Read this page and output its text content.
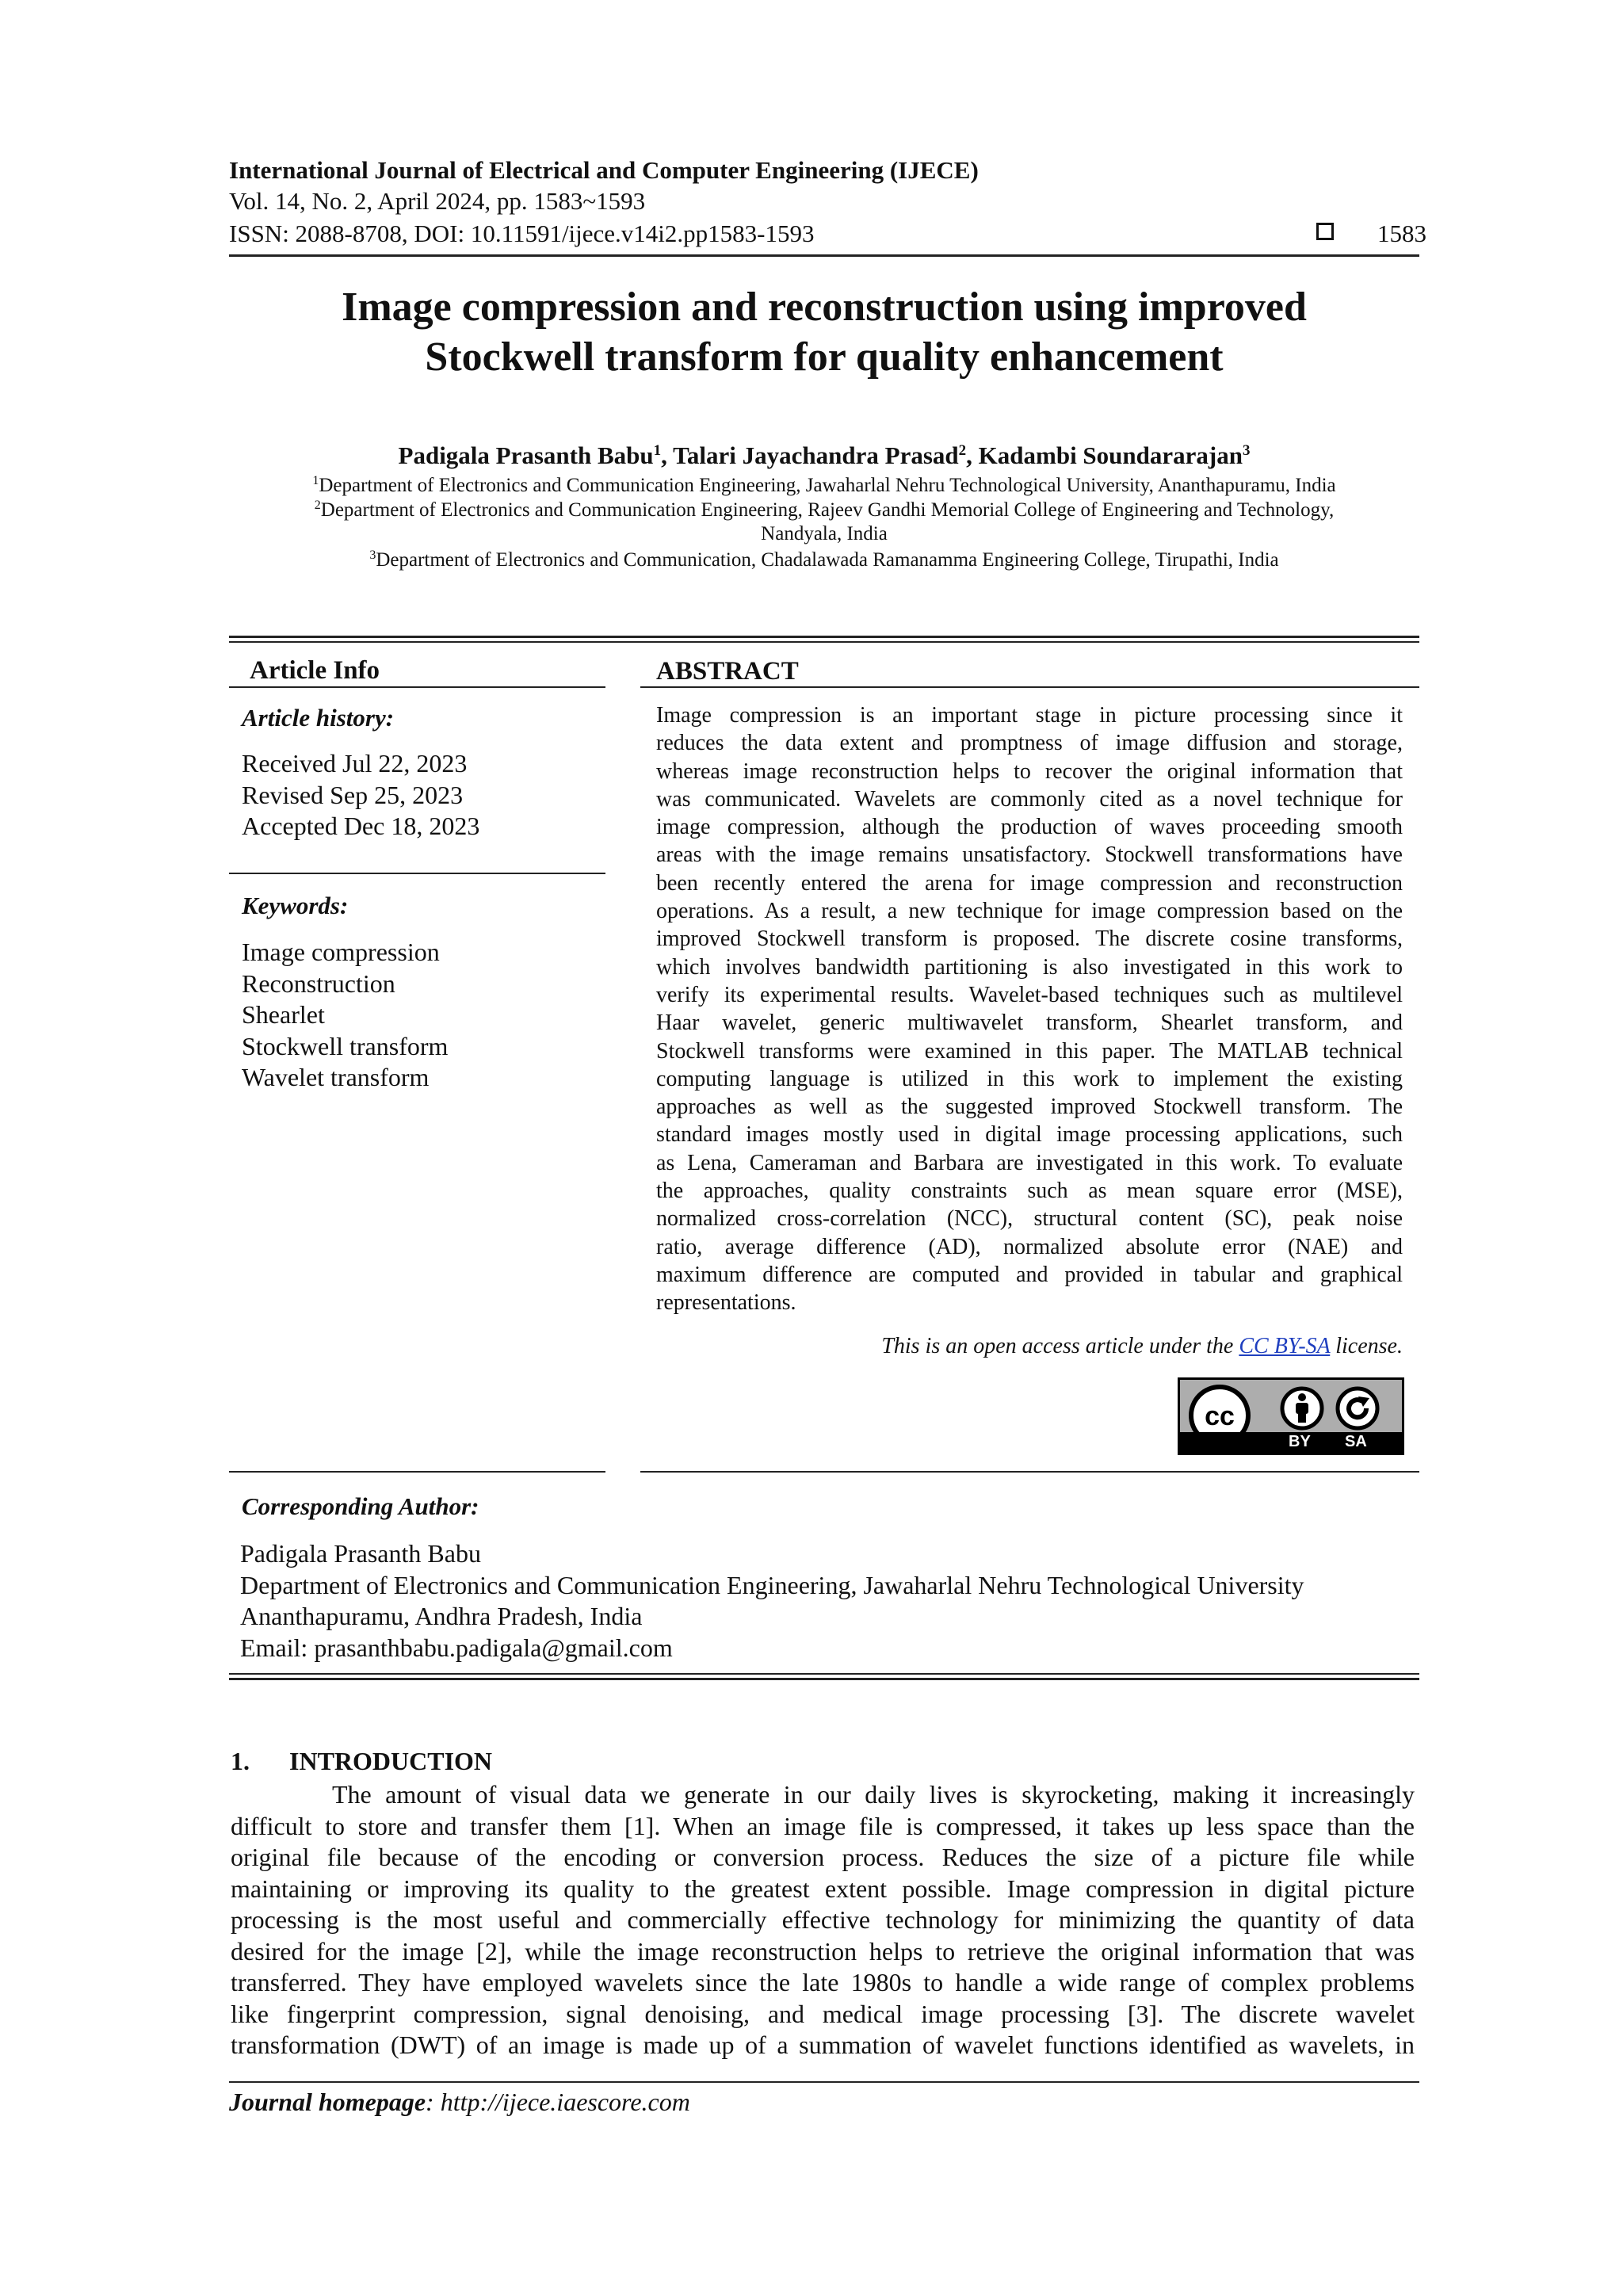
International Journal of Electrical and Computer Engineering (IJECE)
Vol. 14, No. 2, April 2024, pp. 1583~1593
ISSN: 2088-8708, DOI: 10.11591/ijece.v14i2.pp1583-1593	1583
Image compression and reconstruction using improved
Stockwell transform for quality enhancement
Padigala Prasanth Babu$^1$, Talari Jayachandra Prasad$^2$, Kadambi Soundararajan$^3$
$^1$Department of Electronics and Communication Engineering, Jawaharlal Nehru Technological University, Ananthapuramu, India
$^2$Department of Electronics and Communication Engineering, Rajeev Gandhi Memorial College of Engineering and Technology,
Nandyala, India
$^3$Department of Electronics and Communication, Chadalawada Ramanamma Engineering College, Tirupathi, India
Article Info
Article history:
Received Jul 22, 2023
Revised Sep 25, 2023
Accepted Dec 18, 2023
Keywords:
Image compression
Reconstruction
Shearlet
Stockwell transform
Wavelet transform
ABSTRACT
Image compression is an important stage in picture processing since it
reduces the data extent and promptness of image diffusion and storage,
whereas image reconstruction helps to recover the original information that
was communicated. Wavelets are commonly cited as a novel technique for
image compression, although the production of waves proceeding smooth
areas with the image remains unsatisfactory. Stockwell transformations have
been recently entered the arena for image compression and reconstruction
operations. As a result, a new technique for image compression based on the
improved Stockwell transform is proposed. The discrete cosine transforms,
which involves bandwidth partitioning is also investigated in this work to
verify its experimental results. Wavelet-based techniques such as multilevel
Haar wavelet, generic multiwavelet transform, Shearlet transform, and
Stockwell transforms were examined in this paper. The MATLAB technical
computing language is utilized in this work to implement the existing
approaches as well as the suggested improved Stockwell transform. The
standard images mostly used in digital image processing applications, such
as Lena, Cameraman and Barbara are investigated in this work. To evaluate
the approaches, quality constraints such as mean square error (MSE),
normalized cross-correlation (NCC), structural content (SC), peak noise
ratio, average difference (AD), normalized absolute error (NAE) and
maximum difference are computed and provided in tabular and graphical
representations.
This is an open access article under the CC BY-SA license.
cc
BY SA
Corresponding Author:
Padigala Prasanth Babu
Department of Electronics and Communication Engineering, Jawaharlal Nehru Technological University
Ananthapuramu, Andhra Pradesh, India
Email: prasanthbabu.padigala@gmail.com
1. INTRODUCTION
The amount of visual data we generate in our daily lives is skyrocketing, making it increasingly
difficult to store and transfer them [1]. When an image file is compressed, it takes up less space than the
original file because of the encoding or conversion process. Reduces the size of a picture file while
maintaining or improving its quality to the greatest extent possible. Image compression in digital picture
processing is the most useful and commercially effective technology for minimizing the quantity of data
desired for the image [2], while the image reconstruction helps to retrieve the original information that was
transferred. They have employed wavelets since the late 1980s to handle a wide range of complex problems
like fingerprint compression, signal denoising, and medical image processing [3]. The discrete wavelet
transformation (DWT) of an image is made up of a summation of wavelet functions identified as wavelets, in
Journal homepage: http://ijece.iaescore.com
